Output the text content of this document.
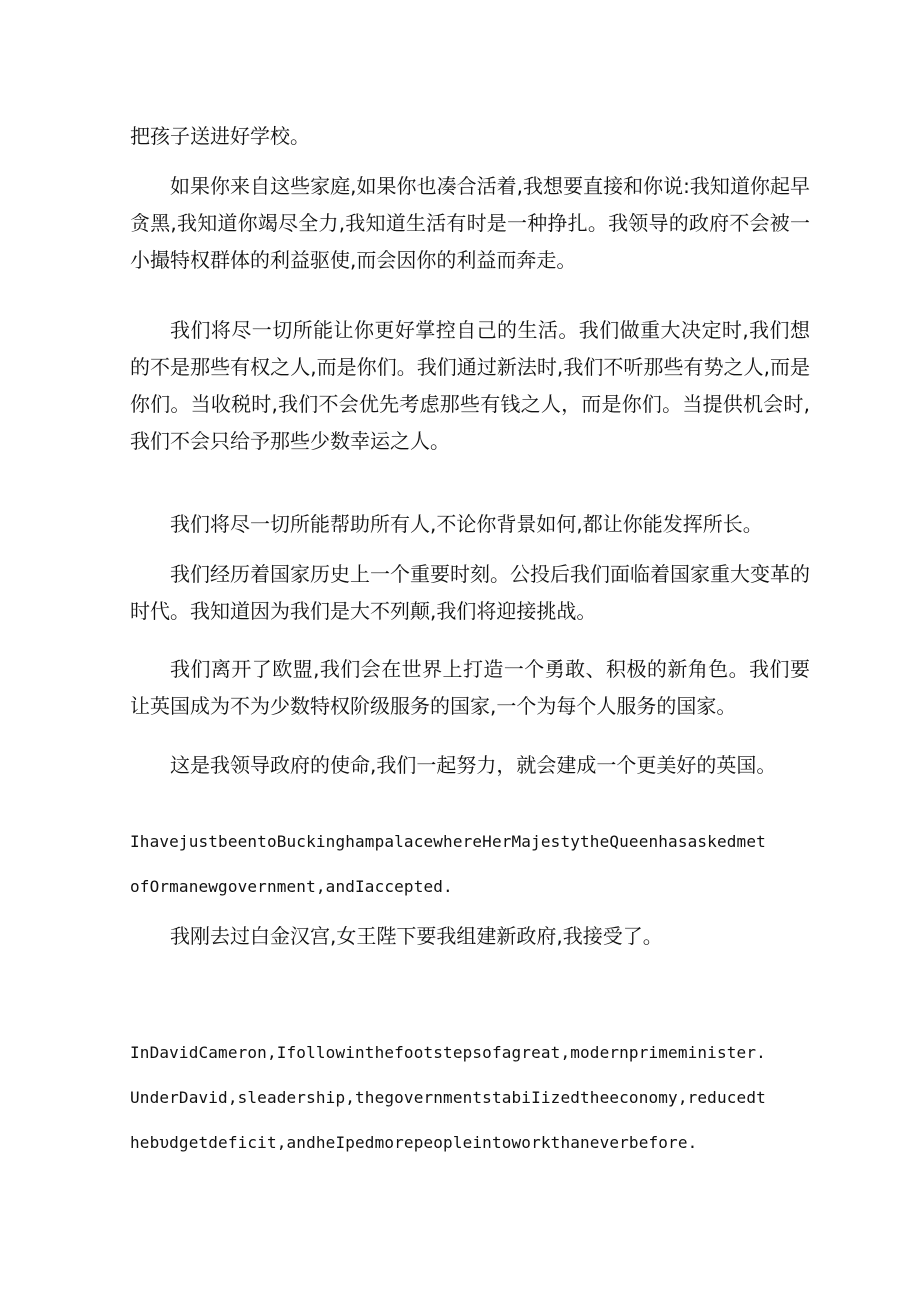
把孩子送进好学校。

如果你来自这些家庭,如果你也凑合活着,我想要直接和你说:我知道你起早贪黑,我知道你竭尽全力,我知道生活有时是一种挣扎。我领导的政府不会被一小撮特权群体的利益驱使,而会因你的利益而奔走。

我们将尽一切所能让你更好掌控自己的生活。我们做重大决定时,我们想的不是那些有权之人,而是你们。我们通过新法时,我们不听那些有势之人,而是你们。当收税时,我们不会优先考虑那些有钱之人，而是你们。当提供机会时,我们不会只给予那些少数幸运之人。

我们将尽一切所能帮助所有人,不论你背景如何,都让你能发挥所长。

我们经历着国家历史上一个重要时刻。公投后我们面临着国家重大变革的时代。我知道因为我们是大不列颠,我们将迎接挑战。

我们离开了欧盟,我们会在世界上打造一个勇敢、积极的新角色。我们要让英国成为不为少数特权阶级服务的国家,一个为每个人服务的国家。

这是我领导政府的使命,我们一起努力，就会建成一个更美好的英国。

IhavejustbeentoBuckinghampalacewhereHerMajestytheQueenhasaskedmet
ofOrmanewgovernment,andIaccepted.

我刚去过白金汉宫,女王陛下要我组建新政府,我接受了。

InDavidCameron,Ifollowinthefootstepsofagreat,modernprimeminister.
UnderDavid,sleadership,thegovernmentstabiIizedtheeconomy,reducedt
hebυdgetdeficit,andheIpedmorepeopleintoworkthaneverbefore.
